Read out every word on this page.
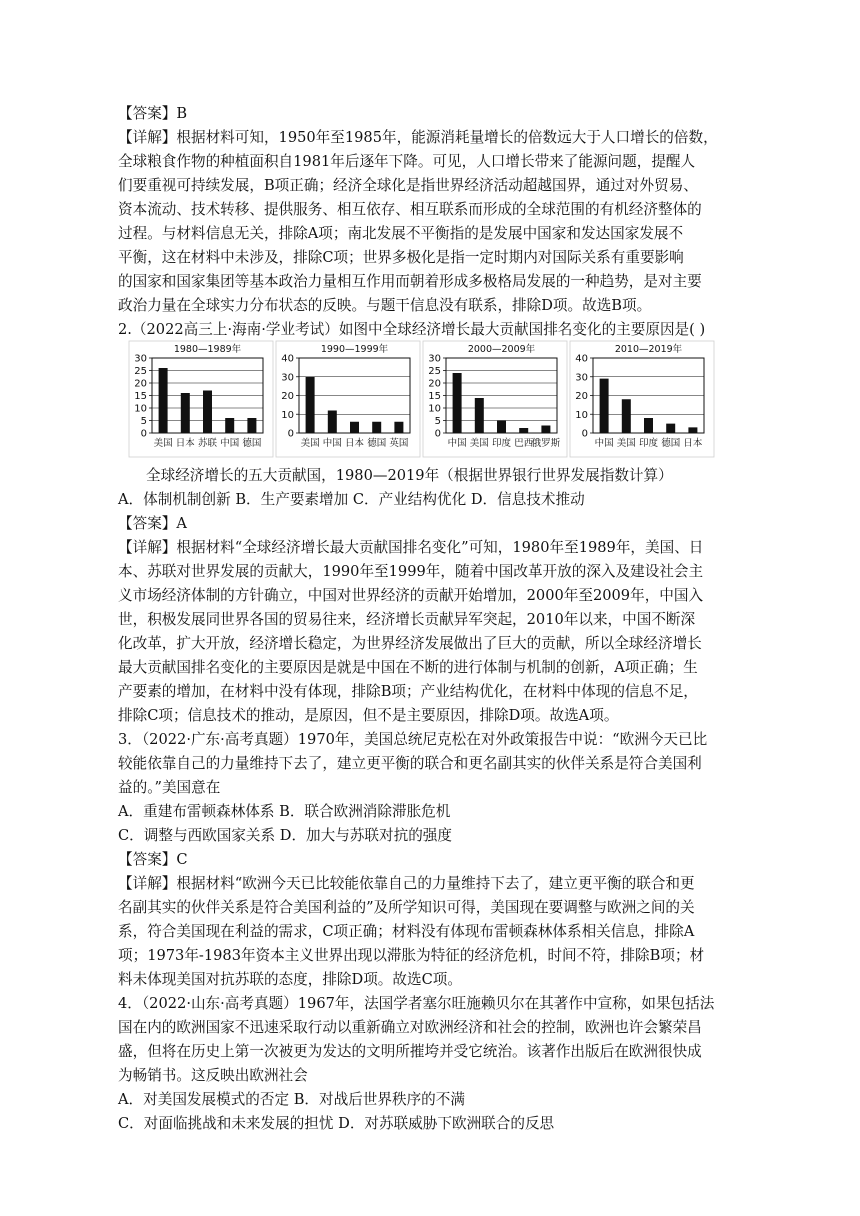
【答案】B
【详解】根据材料可知，1950年至1985年，能源消耗量增长的倍数远大于人口增长的倍数，
全球粮食作物的种植面积自1981年后逐年下降。可见，人口增长带来了能源问题，提醒人
们要重视可持续发展，B项正确；经济全球化是指世界经济活动超越国界，通过对外贸易、
资本流动、技术转移、提供服务、相互依存、相互联系而形成的全球范围的有机经济整体的
过程。与材料信息无关，排除A项；南北发展不平衡指的是发展中国家和发达国家发展不
平衡，这在材料中未涉及，排除C项；世界多极化是指一定时期内对国际关系有重要影响
的国家和国家集团等基本政治力量相互作用而朝着形成多极格局发展的一种趋势，是对主要
政治力量在全球实力分布状态的反映。与题干信息没有联系，排除D项。故选B项。
2.（2022高三上·海南·学业考试）如图中全球经济增长最大贡献国排名变化的主要原因是( )
1980—1989年
0
5
10
15
20
25
30
美国 日本 苏联 中国 德国
1990—1999年
0
10
20
30
40
美国 中国 日本 德国 英国
2000—2009年
0
5
10
15
20
25
30
中国 美国 印度 巴西
俄罗斯
2010—2019年
0
10
20
30
40
中国 美国 印度 德国 日本
全球经济增长的五大贡献国，1980—2019年（根据世界银行世界发展指数计算）
A．体制机制创新 B．生产要素增加 C．产业结构优化 D．信息技术推动
【答案】A
【详解】根据材料“全球经济增长最大贡献国排名变化”可知，1980年至1989年，美国、日
本、苏联对世界发展的贡献大，1990年至1999年，随着中国改革开放的深入及建设社会主
义市场经济体制的方针确立，中国对世界经济的贡献开始增加，2000年至2009年，中国入
世，积极发展同世界各国的贸易往来，经济增长贡献异军突起，2010年以来，中国不断深
化改革，扩大开放，经济增长稳定，为世界经济发展做出了巨大的贡献，所以全球经济增长
最大贡献国排名变化的主要原因是就是中国在不断的进行体制与机制的创新，A项正确；生
产要素的增加，在材料中没有体现，排除B项；产业结构优化，在材料中体现的信息不足，
排除C项；信息技术的推动，是原因，但不是主要原因，排除D项。故选A项。
3．（2022·广东·高考真题）1970年，美国总统尼克松在对外政策报告中说：“欧洲今天已比
较能依靠自己的力量维持下去了，建立更平衡的联合和更名副其实的伙伴关系是符合美国利
益的。”美国意在
A．重建布雷顿森林体系 B．联合欧洲消除滞胀危机
C．调整与西欧国家关系 D．加大与苏联对抗的强度
【答案】C
【详解】根据材料“欧洲今天已比较能依靠自己的力量维持下去了，建立更平衡的联合和更
名副其实的伙伴关系是符合美国利益的”及所学知识可得，美国现在要调整与欧洲之间的关
系，符合美国现在利益的需求，C项正确；材料没有体现布雷顿森林体系相关信息，排除A
项；1973年-1983年资本主义世界出现以滞胀为特征的经济危机，时间不符，排除B项；材
料未体现美国对抗苏联的态度，排除D项。故选C项。
4．（2022·山东·高考真题）1967年，法国学者塞尔旺施赖贝尔在其著作中宣称，如果包括法
国在内的欧洲国家不迅速采取行动以重新确立对欧洲经济和社会的控制，欧洲也许会繁荣昌
盛，但将在历史上第一次被更为发达的文明所摧垮并受它统治。该著作出版后在欧洲很快成
为畅销书。这反映出欧洲社会
A．对美国发展模式的否定 B．对战后世界秩序的不满
C．对面临挑战和未来发展的担忧 D．对苏联威胁下欧洲联合的反思
